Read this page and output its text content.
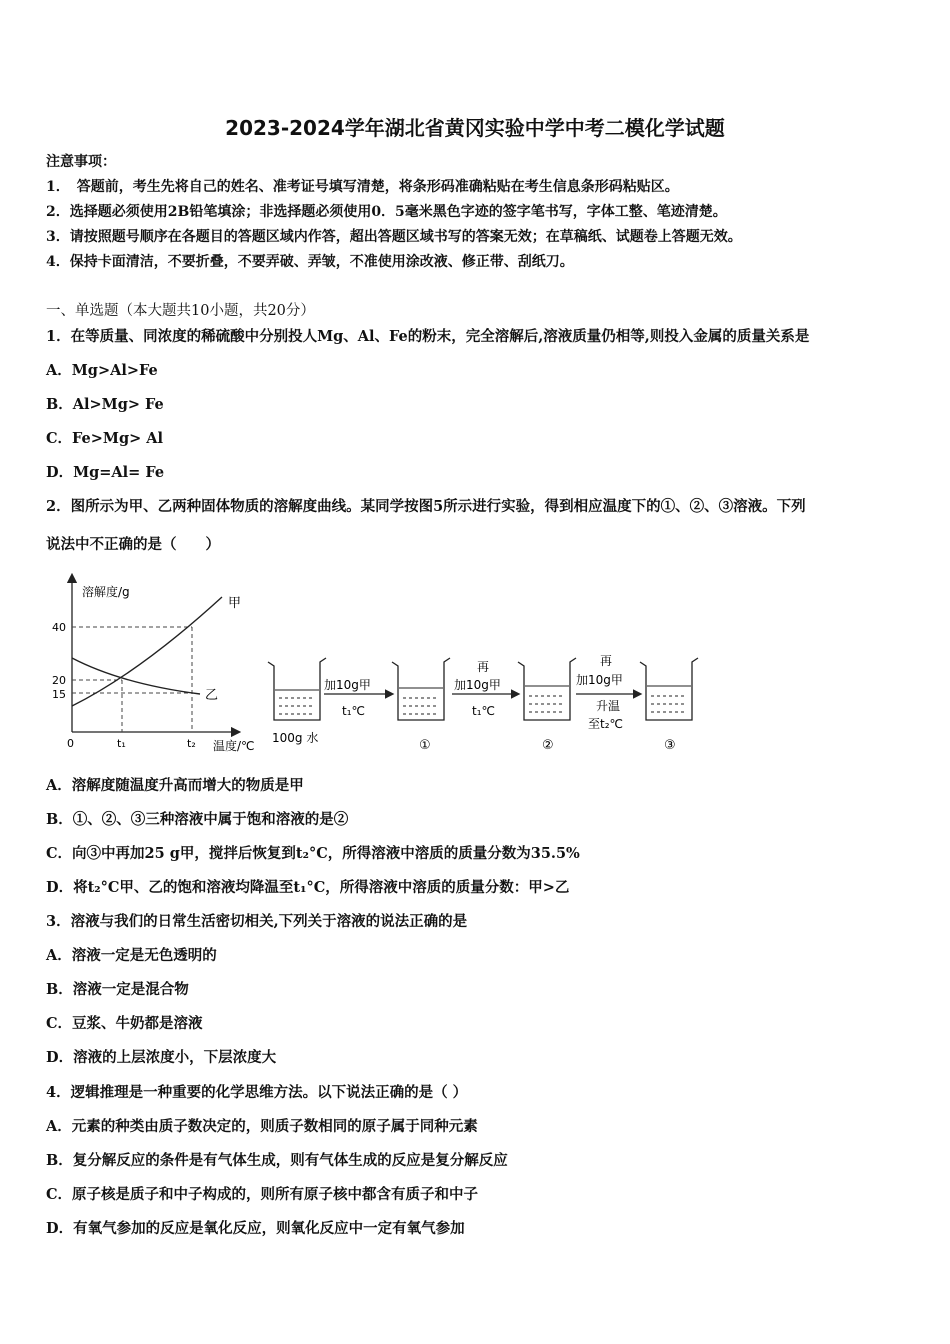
2023-2024学年湖北省黄冈实验中学中考二模化学试题
注意事项：
1．　答题前，考生先将自己的姓名、准考证号填写清楚，将条形码准确粘贴在考生信息条形码粘贴区。
2．选择题必须使用2B铅笔填涂；非选择题必须使用0．5毫米黑色字迹的签字笔书写，字体工整、笔迹清楚。
3．请按照题号顺序在各题目的答题区域内作答，超出答题区域书写的答案无效；在草稿纸、试题卷上答题无效。
4．保持卡面清洁，不要折叠，不要弄破、弄皱，不准使用涂改液、修正带、刮纸刀。
一、单选题（本大题共10小题，共20分）
1．在等质量、同浓度的稀硫酸中分别投人Mg、Al、Fe的粉末，完全溶解后,溶液质量仍相等,则投入金属的质量关系是
A．Mg>Al>Fe
B．Al>Mg> Fe
C．Fe>Mg> Al
D．Mg=Al= Fe
2．图所示为甲、乙两种固体物质的溶解度曲线。某同学按图5所示进行实验，得到相应温度下的①、②、③溶液。下列
说法中不正确的是（　　）
溶解度/g
温度/℃
40
20
15
0	t₁	t₂
甲
乙
100g 水
加10g甲
t₁℃
①
再
加10g甲
t₁℃
②
再
加10g甲
升温
至t₂℃
③
A．溶解度随温度升高而增大的物质是甲
B．①、②、③三种溶液中属于饱和溶液的是②
C．向③中再加25 g甲，搅拌后恢复到t₂°C，所得溶液中溶质的质量分数为35.5%
D．将t₂°C甲、乙的饱和溶液均降温至t₁°C，所得溶液中溶质的质量分数：甲>乙
3．溶液与我们的日常生活密切相关,下列关于溶液的说法正确的是
A．溶液一定是无色透明的
B．溶液一定是混合物
C．豆浆、牛奶都是溶液
D．溶液的上层浓度小，下层浓度大
4．逻辑推理是一种重要的化学思维方法。以下说法正确的是（ ）
A．元素的种类由质子数决定的，则质子数相同的原子属于同种元素
B．复分解反应的条件是有气体生成，则有气体生成的反应是复分解反应
C．原子核是质子和中子构成的，则所有原子核中都含有质子和中子
D．有氧气参加的反应是氧化反应，则氧化反应中一定有氧气参加
